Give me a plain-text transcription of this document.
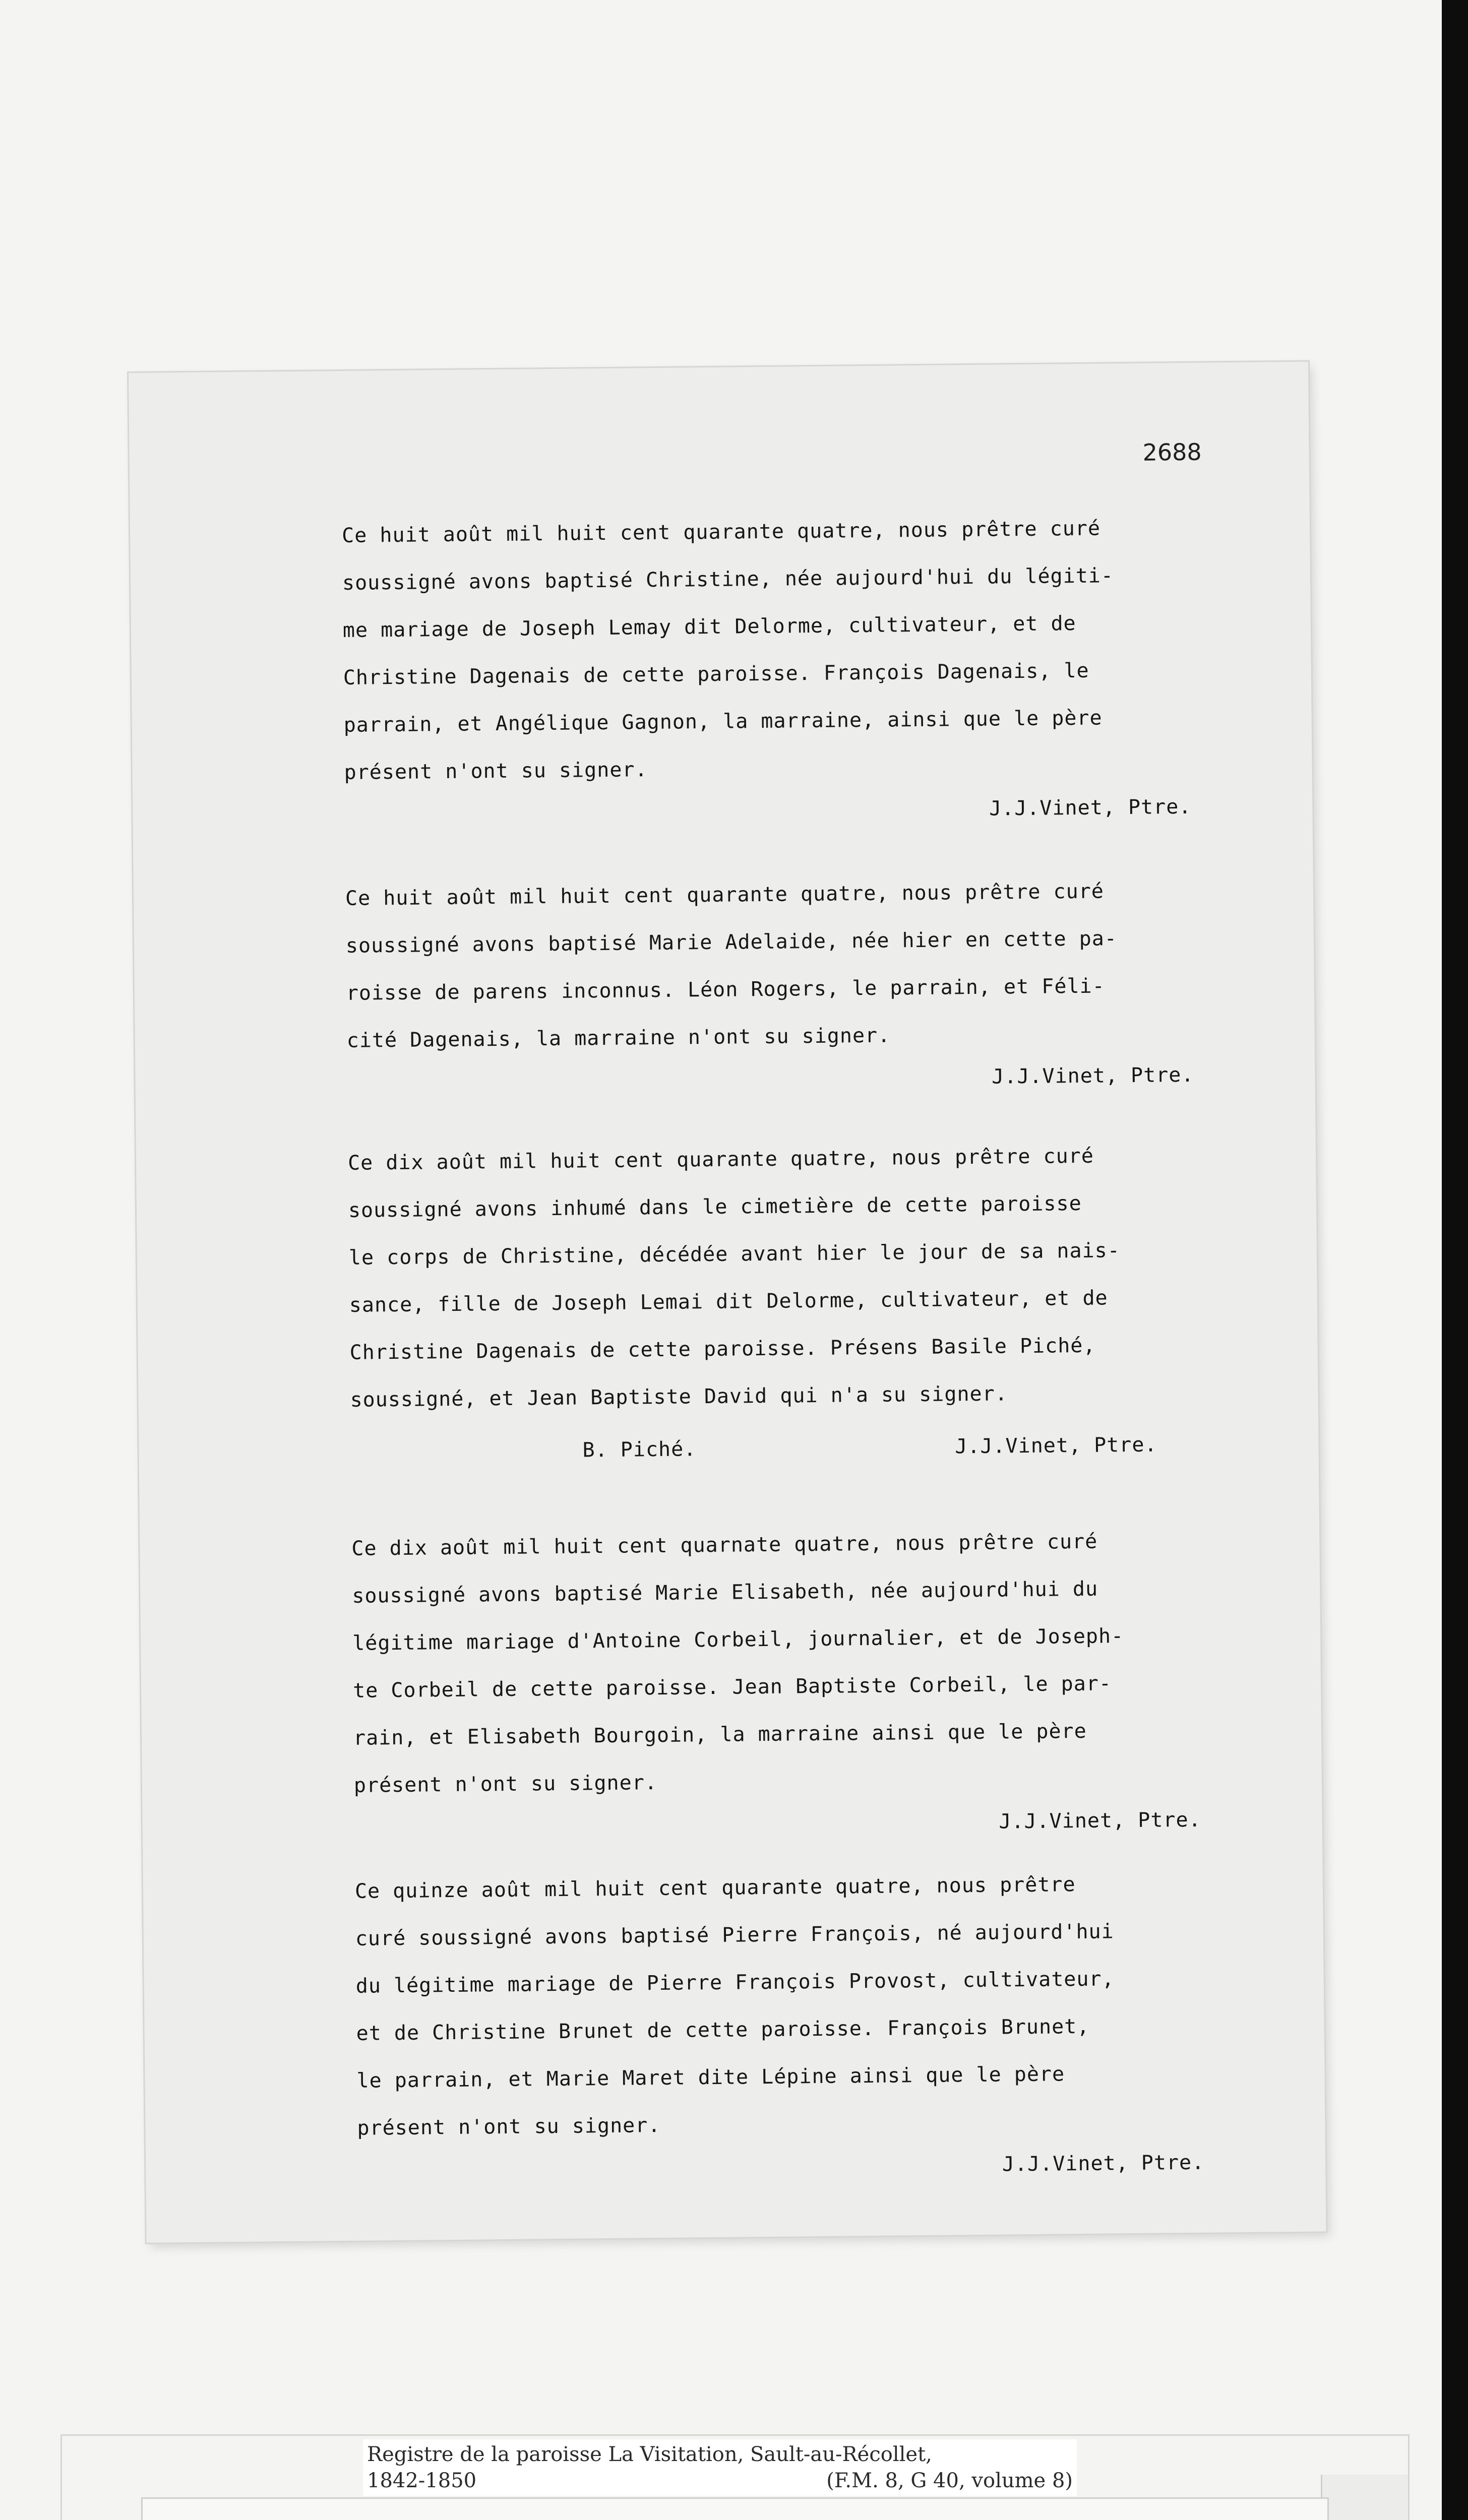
2688
Ce huit août mil huit cent quarante quatre, nous prêtre curé
soussigné avons baptisé Christine, née aujourd'hui du légiti-
me mariage de Joseph Lemay dit Delorme, cultivateur, et de
Christine Dagenais de cette paroisse. François Dagenais, le
parrain, et Angélique Gagnon, la marraine, ainsi que le père
présent n'ont su signer.
J.J.Vinet, Ptre.
Ce huit août mil huit cent quarante quatre, nous prêtre curé
soussigné avons baptisé Marie Adelaide, née hier en cette pa-
roisse de parens inconnus. Léon Rogers, le parrain, et Féli-
cité Dagenais, la marraine n'ont su signer.
J.J.Vinet, Ptre.
Ce dix août mil huit cent quarante quatre, nous prêtre curé
soussigné avons inhumé dans le cimetière de cette paroisse
le corps de Christine, décédée avant hier le jour de sa nais-
sance, fille de Joseph Lemai dit Delorme, cultivateur, et de
Christine Dagenais de cette paroisse. Présens Basile Piché,
soussigné, et Jean Baptiste David qui n'a su signer.
B. Piché.	J.J.Vinet, Ptre.
Ce dix août mil huit cent quarnate quatre, nous prêtre curé
soussigné avons baptisé Marie Elisabeth, née aujourd'hui du
légitime mariage d'Antoine Corbeil, journalier, et de Joseph-
te Corbeil de cette paroisse. Jean Baptiste Corbeil, le par-
rain, et Elisabeth Bourgoin, la marraine ainsi que le père
présent n'ont su signer.
J.J.Vinet, Ptre.
Ce quinze août mil huit cent quarante quatre, nous prêtre
curé soussigné avons baptisé Pierre François, né aujourd'hui
du légitime mariage de Pierre François Provost, cultivateur,
et de Christine Brunet de cette paroisse. François Brunet,
le parrain, et Marie Maret dite Lépine ainsi que le père
présent n'ont su signer.
J.J.Vinet, Ptre.
Registre de la paroisse La Visitation, Sault-au-Récollet,
1842-1850	(F.M. 8, G 40, volume 8)
